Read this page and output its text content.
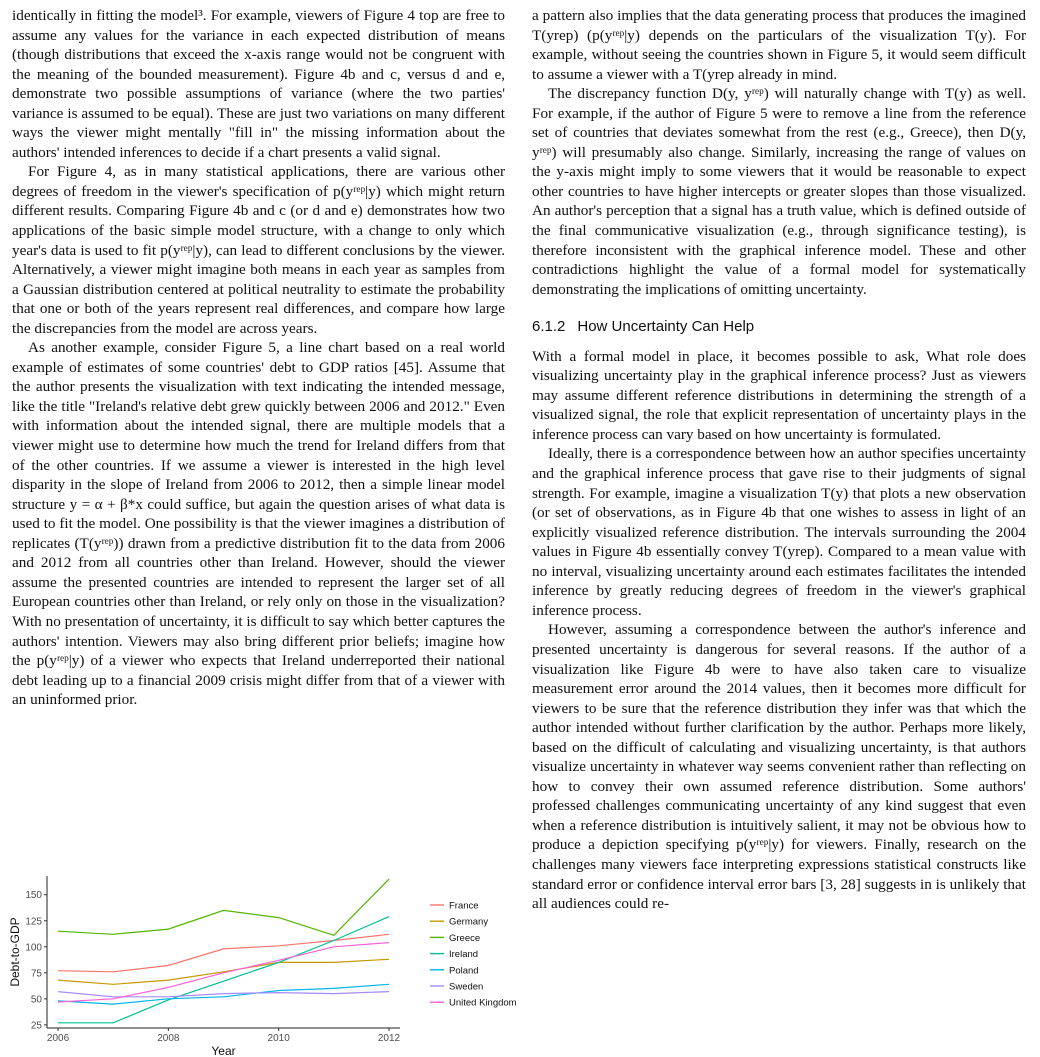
identically in fitting the model³. For example, viewers of Figure 4 top are free to assume any values for the variance in each expected distribution of means (though distributions that exceed the x-axis range would not be congruent with the meaning of the bounded measurement). Figure 4b and c, versus d and e, demonstrate two possible assumptions of variance (where the two parties' variance is assumed to be equal). These are just two variations on many different ways the viewer might mentally "fill in" the missing information about the authors' intended inferences to decide if a chart presents a valid signal.

For Figure 4, as in many statistical applications, there are various other degrees of freedom in the viewer's specification of p(yʳᵉᵖ|y) which might return different results. Comparing Figure 4b and c (or d and e) demonstrates how two applications of the basic simple model structure, with a change to only which year's data is used to fit p(yʳᵉᵖ|y), can lead to different conclusions by the viewer. Alternatively, a viewer might imagine both means in each year as samples from a Gaussian distribution centered at political neutrality to estimate the probability that one or both of the years represent real differences, and compare how large the discrepancies from the model are across years.

As another example, consider Figure 5, a line chart based on a real world example of estimates of some countries' debt to GDP ratios [45]. Assume that the author presents the visualization with text indicating the intended message, like the title "Ireland's relative debt grew quickly between 2006 and 2012." Even with information about the intended signal, there are multiple models that a viewer might use to determine how much the trend for Ireland differs from that of the other countries. If we assume a viewer is interested in the high level disparity in the slope of Ireland from 2006 to 2012, then a simple linear model structure y = α + β*x could suffice, but again the question arises of what data is used to fit the model. One possibility is that the viewer imagines a distribution of replicates (T(yʳᵉᵖ)) drawn from a predictive distribution fit to the data from 2006 and 2012 from all countries other than Ireland. However, should the viewer assume the presented countries are intended to represent the larger set of all European countries other than Ireland, or rely only on those in the visualization? With no presentation of uncertainty, it is difficult to say which better captures the authors' intention. Viewers may also bring different prior beliefs; imagine how the p(yʳᵉᵖ|y) of a viewer who expects that Ireland underreported their national debt leading up to a financial 2009 crisis might differ from that of a viewer with an uninformed prior.

a pattern also implies that the data generating process that produces the imagined T(yrep) (p(yʳᵉᵖ|y) depends on the particulars of the visualization T(y). For example, without seeing the countries shown in Figure 5, it would seem difficult to assume a viewer with a T(yrep already in mind.

The discrepancy function D(y, yʳᵉᵖ) will naturally change with T(y) as well. For example, if the author of Figure 5 were to remove a line from the reference set of countries that deviates somewhat from the rest (e.g., Greece), then D(y, yʳᵉᵖ) will presumably also change. Similarly, increasing the range of values on the y-axis might imply to some viewers that it would be reasonable to expect other countries to have higher intercepts or greater slopes than those visualized. An author's perception that a signal has a truth value, which is defined outside of the final communicative visualization (e.g., through significance testing), is therefore inconsistent with the graphical inference model. These and other contradictions highlight the value of a formal model for systematically demonstrating the implications of omitting uncertainty.

6.1.2 How Uncertainty Can Help

With a formal model in place, it becomes possible to ask, What role does visualizing uncertainty play in the graphical inference process? Just as viewers may assume different reference distributions in determining the strength of a visualized signal, the role that explicit representation of uncertainty plays in the inference process can vary based on how uncertainty is formulated.

Ideally, there is a correspondence between how an author specifies uncertainty and the graphical inference process that gave rise to their judgments of signal strength. For example, imagine a visualization T(y) that plots a new observation (or set of observations, as in Figure 4b that one wishes to assess in light of an explicitly visualized reference distribution. The intervals surrounding the 2004 values in Figure 4b essentially convey T(yrep). Compared to a mean value with no interval, visualizing uncertainty around each estimates facilitates the intended inference by greatly reducing degrees of freedom in the viewer's graphical inference process.

However, assuming a correspondence between the author's inference and presented uncertainty is dangerous for several reasons. If the author of a visualization like Figure 4b were to have also taken care to visualize measurement error around the 2014 values, then it becomes more difficult for viewers to be sure that the reference distribution they infer was that which the author intended without further clarification by the author. Perhaps more likely, based on the difficult of calculating and visualizing uncertainty, is that authors visualize uncertainty in whatever way seems convenient rather than reflecting on how to convey their own assumed reference distribution. Some authors' professed challenges communicating uncertainty of any kind suggest that even when a reference distribution is intuitively salient, it may not be obvious how to produce a depiction specifying p(yʳᵉᵖ|y) for viewers. Finally, research on the challenges many viewers face interpreting expressions statistical constructs like standard error or confidence interval error bars [3, 28] suggests in is unlikely that all audiences could re-

25
50
75
100
125
150
2006	2008	2010	2012
Year
Debt-to-GDP
France
Germany
Greece
Ireland
Poland
Sweden
United Kingdom
